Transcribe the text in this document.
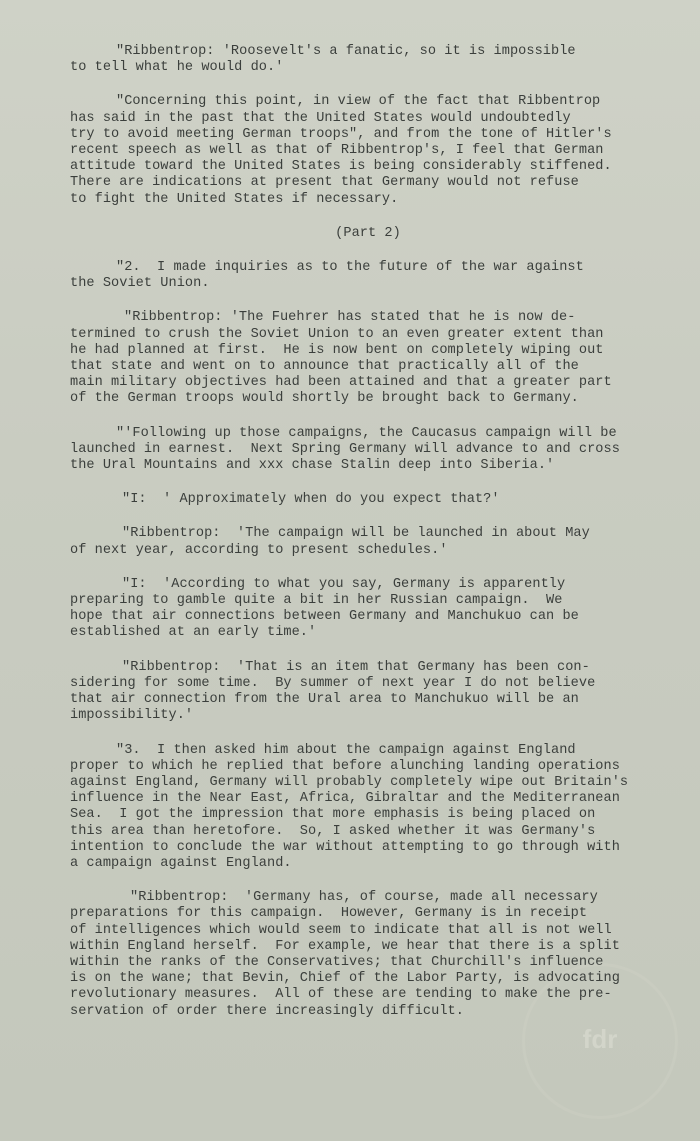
"Ribbentrop: 'Roosevelt's a fanatic, so it is impossible
to tell what he would do.'
"Concerning this point, in view of the fact that Ribbentrop
has said in the past that the United States would undoubtedly
try to avoid meeting German troops", and from the tone of Hitler's
recent speech as well as that of Ribbentrop's, I feel that German
attitude toward the United States is being considerably stiffened.
There are indications at present that Germany would not refuse
to fight the United States if necessary.
(Part 2)
"2.  I made inquiries as to the future of the war against
the Soviet Union.
"Ribbentrop: 'The Fuehrer has stated that he is now de-
termined to crush the Soviet Union to an even greater extent than
he had planned at first.  He is now bent on completely wiping out
that state and went on to announce that practically all of the
main military objectives had been attained and that a greater part
of the German troops would shortly be brought back to Germany.
"'Following up those campaigns, the Caucasus campaign will be
launched in earnest.  Next Spring Germany will advance to and cross
the Ural Mountains and xxx chase Stalin deep into Siberia.'
"I:  ' Approximately when do you expect that?'
"Ribbentrop:  'The campaign will be launched in about May
of next year, according to present schedules.'
"I:  'According to what you say, Germany is apparently
preparing to gamble quite a bit in her Russian campaign.  We
hope that air connections between Germany and Manchukuo can be
established at an early time.'
"Ribbentrop:  'That is an item that Germany has been con-
sidering for some time.  By summer of next year I do not believe
that air connection from the Ural area to Manchukuo will be an
impossibility.'
"3.  I then asked him about the campaign against England
proper to which he replied that before alunching landing operations
against England, Germany will probably completely wipe out Britain's
influence in the Near East, Africa, Gibraltar and the Mediterranean
Sea.  I got the impression that more emphasis is being placed on
this area than heretofore.  So, I asked whether it was Germany's
intention to conclude the war without attempting to go through with
a campaign against England.
"Ribbentrop:  'Germany has, of course, made all necessary
preparations for this campaign.  However, Germany is in receipt
of intelligences which would seem to indicate that all is not well
within England herself.  For example, we hear that there is a split
within the ranks of the Conservatives; that Churchill's influence
is on the wane; that Bevin, Chief of the Labor Party, is advocating
revolutionary measures.  All of these are tending to make the pre-
servation of order there increasingly difficult.
fdr
